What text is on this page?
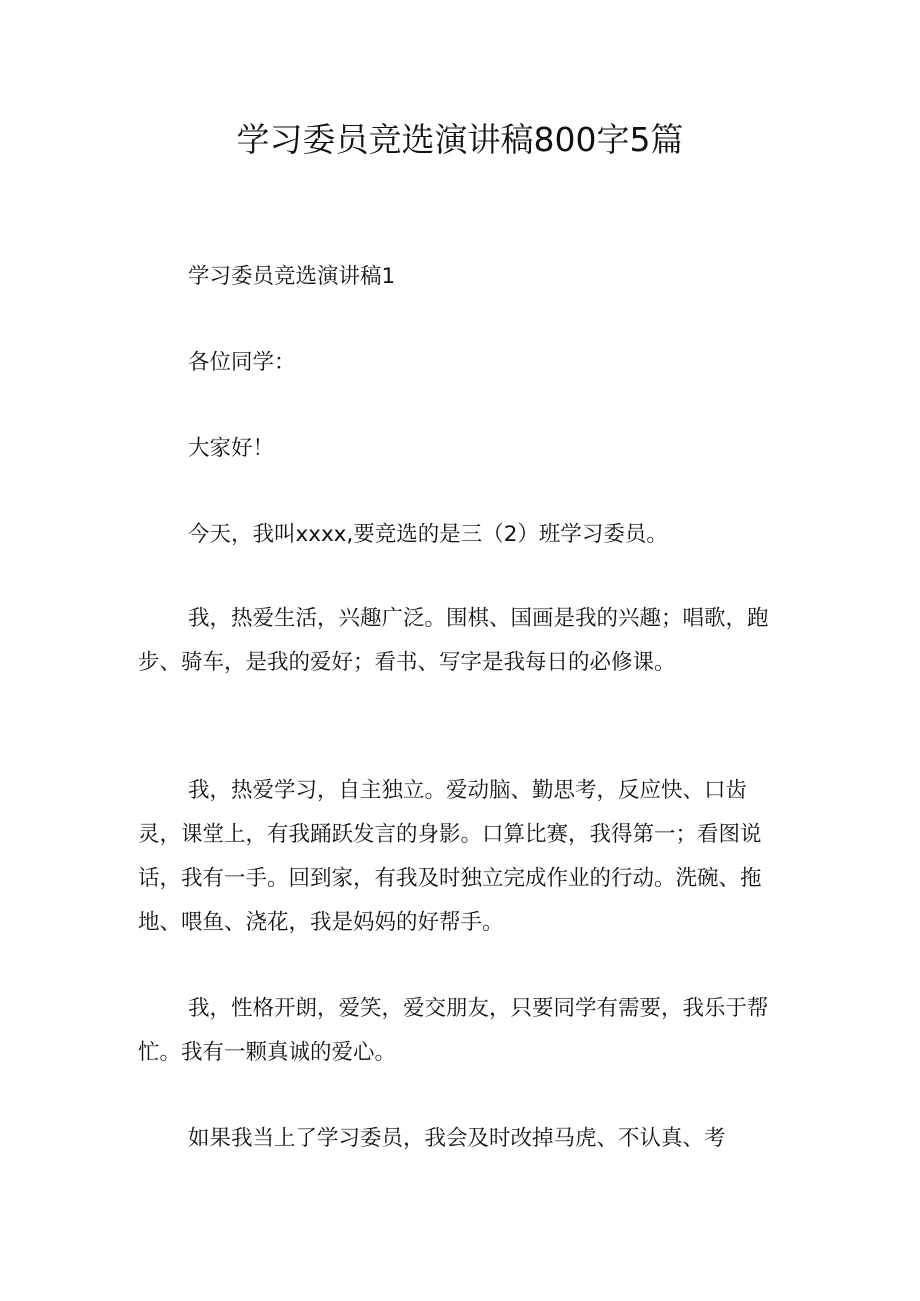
学习委员竞选演讲稿800字5篇

学习委员竞选演讲稿1

各位同学：

大家好！

今天，我叫xxxx,要竞选的是三（2）班学习委员。

我，热爱生活，兴趣广泛。围棋、国画是我的兴趣；唱歌，跑步、骑车，是我的爱好；看书、写字是我每日的必修课。

我，热爱学习，自主独立。爱动脑、勤思考，反应快、口齿灵，课堂上，有我踊跃发言的身影。口算比赛，我得第一；看图说话，我有一手。回到家，有我及时独立完成作业的行动。洗碗、拖地、喂鱼、浇花，我是妈妈的好帮手。

我，性格开朗，爱笑，爱交朋友，只要同学有需要，我乐于帮忙。我有一颗真诚的爱心。

如果我当上了学习委员，我会及时改掉马虎、不认真、考
